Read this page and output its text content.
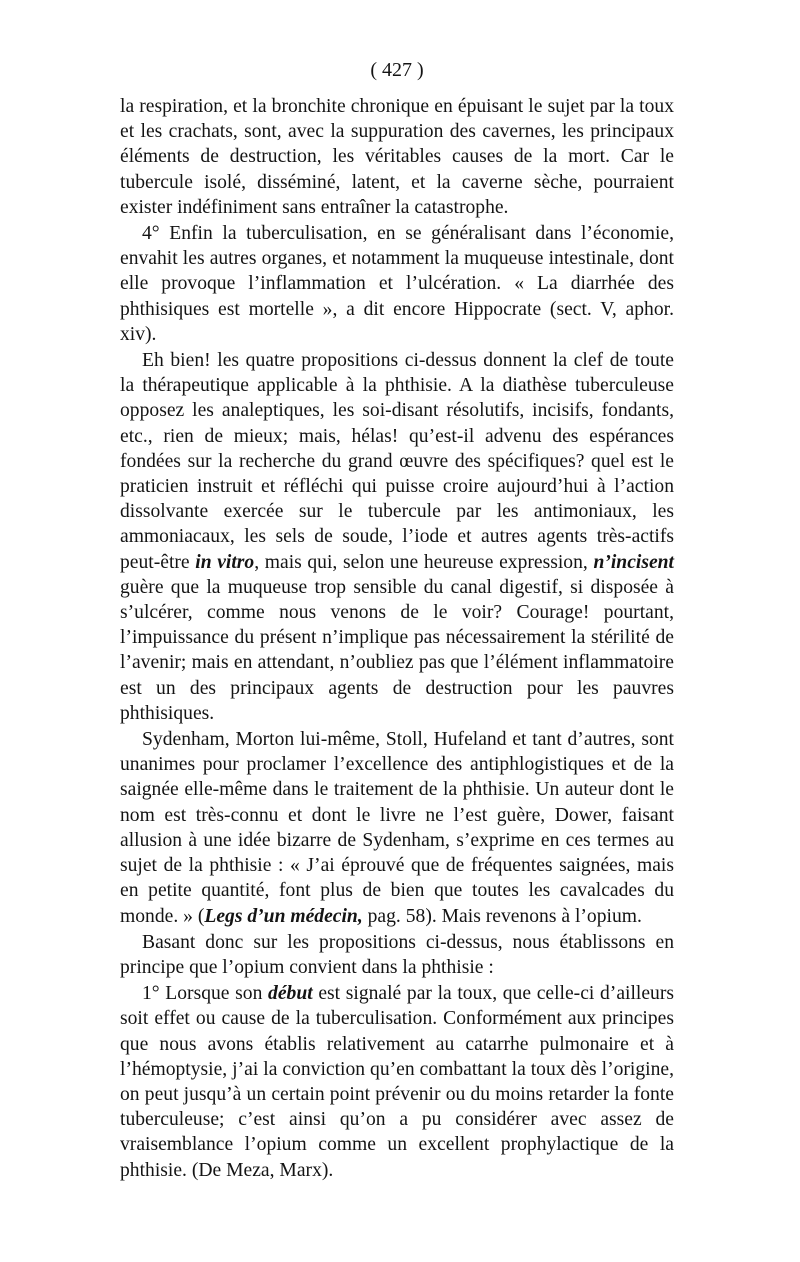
( 427 )

la respiration, et la bronchite chronique en épuisant le sujet par la toux et les crachats, sont, avec la suppuration des cavernes, les principaux éléments de destruction, les véritables causes de la mort. Car le tubercule isolé, disséminé, latent, et la caverne sèche, pourraient exister indéfiniment sans entraîner la catastrophe.

4° Enfin la tuberculisation, en se généralisant dans l’économie, envahit les autres organes, et notamment la muqueuse intestinale, dont elle provoque l’inflammation et l’ulcération. « La diarrhée des phthisiques est mortelle », a dit encore Hippocrate (sect. V, aphor. xiv).

Eh bien! les quatre propositions ci-dessus donnent la clef de toute la thérapeutique applicable à la phthisie. A la diathèse tuberculeuse opposez les analeptiques, les soi-disant résolutifs, incisifs, fondants, etc., rien de mieux; mais, hélas! qu’est-il advenu des espérances fondées sur la recherche du grand œuvre des spécifiques? quel est le praticien instruit et réfléchi qui puisse croire aujourd’hui à l’action dissolvante exercée sur le tubercule par les antimoniaux, les ammoniacaux, les sels de soude, l’iode et autres agents très-actifs peut-être in vitro, mais qui, selon une heureuse expression, n’incisent guère que la muqueuse trop sensible du canal digestif, si disposée à s’ulcérer, comme nous venons de le voir? Courage! pourtant, l’impuissance du présent n’implique pas nécessairement la stérilité de l’avenir; mais en attendant, n’oubliez pas que l’élément inflammatoire est un des principaux agents de destruction pour les pauvres phthisiques.

Sydenham, Morton lui-même, Stoll, Hufeland et tant d’autres, sont unanimes pour proclamer l’excellence des antiphlogistiques et de la saignée elle-même dans le traitement de la phthisie. Un auteur dont le nom est très-connu et dont le livre ne l’est guère, Dower, faisant allusion à une idée bizarre de Sydenham, s’exprime en ces termes au sujet de la phthisie : « J’ai éprouvé que de fréquentes saignées, mais en petite quantité, font plus de bien que toutes les cavalcades du monde. » (Legs d’un médecin, pag. 58). Mais revenons à l’opium.

Basant donc sur les propositions ci-dessus, nous établissons en principe que l’opium convient dans la phthisie :

1° Lorsque son début est signalé par la toux, que celle-ci d’ailleurs soit effet ou cause de la tuberculisation. Conformément aux principes que nous avons établis relativement au catarrhe pulmonaire et à l’hémoptysie, j’ai la conviction qu’en combattant la toux dès l’origine, on peut jusqu’à un certain point prévenir ou du moins retarder la fonte tuberculeuse; c’est ainsi qu’on a pu considérer avec assez de vraisemblance l’opium comme un excellent prophylactique de la phthisie. (De Meza, Marx).
